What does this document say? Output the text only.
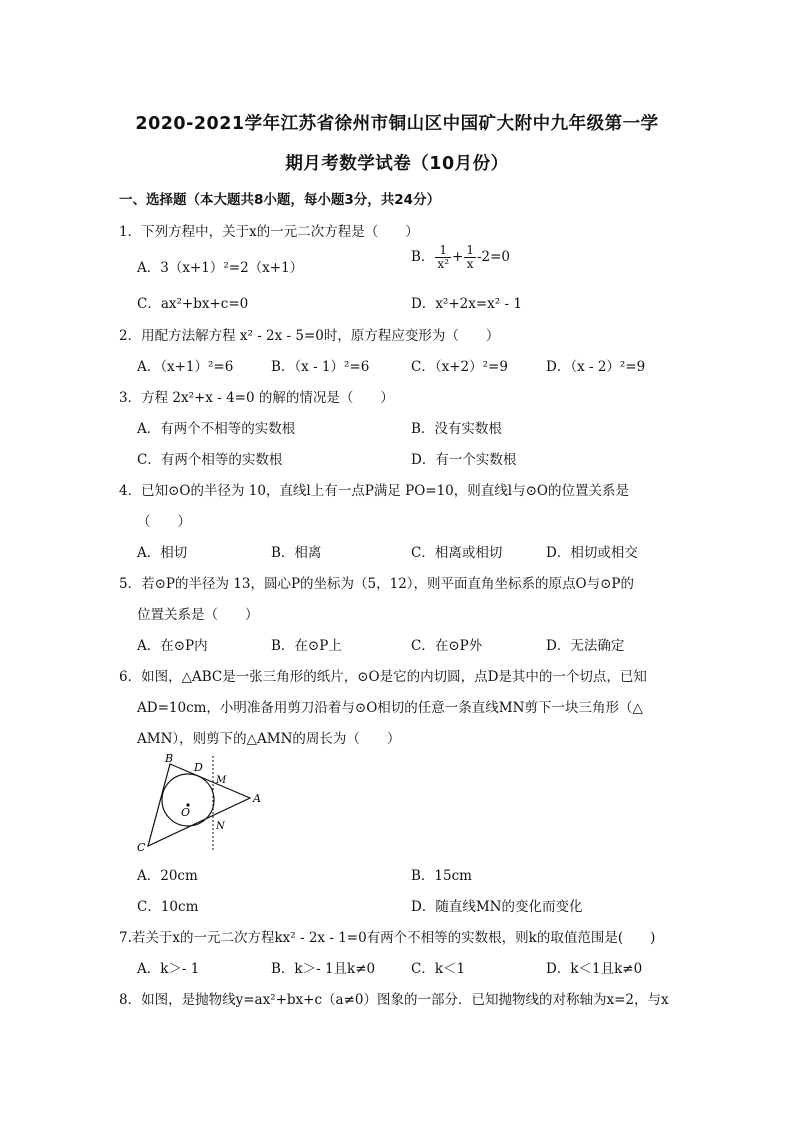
2020-2021学年江苏省徐州市铜山区中国矿大附中九年级第一学
期月考数学试卷（10月份）
一、选择题（本大题共8小题，每小题3分，共24分）
1．下列方程中，关于x的一元二次方程是（　　）
A．3（x+1）²=2（x+1）
B． $\frac{1}{\text{x²}} + \frac{1}{x} -2=0$
C．ax²+bx+c=0	D．x²+2x=x² - 1
2．用配方法解方程 x² - 2x - 5=0时，原方程应变形为（　　）
A．（x+1）²=6	B．（x - 1）²=6	C．（x+2）²=9	D．（x - 2）²=9
3．方程 2x²+x - 4=0 的解的情况是（　　）
A．有两个不相等的实数根	B．没有实数根
C．有两个相等的实数根	D．有一个实数根
4．已知⊙O的半径为 10，直线l上有一点P满足 PO=10，则直线l与⊙O的位置关系是
（　　）
A．相切	B．相离	C．相离或相切	D．相切或相交
5．若⊙P的半径为 13，圆心P的坐标为（5，12），则平面直角坐标系的原点O与⊙P的
位置关系是（　　）
A．在⊙P内	B．在⊙P上	C．在⊙P外	D．无法确定
6．如图，△ABC是一张三角形的纸片，⊙O是它的内切圆，点D是其中的一个切点，已知
AD=10cm，小明准备用剪刀沿着与⊙O相切的任意一条直线MN剪下一块三角形（△
AMN），则剪下的△AMN的周长为（　　）
B
D
M
A
O
N
C
A．20cm	B．15cm
C．10cm	D．随直线MN的变化而变化
7.若关于x的一元二次方程kx² - 2x - 1=0有两个不相等的实数根，则k的取值范围是(　　)
A．k＞- 1	B．k＞- 1且k≠0	C．k＜1	D．k＜1且k≠0
8．如图，是抛物线y=ax²+bx+c（a≠0）图象的一部分．已知抛物线的对称轴为x=2，与x
